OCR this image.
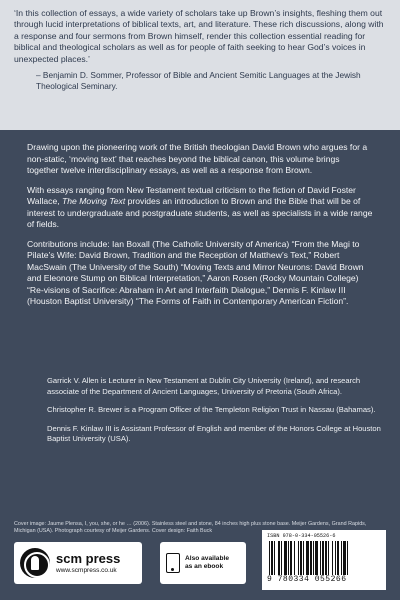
‘In this collection of essays, a wide variety of scholars take up Brown’s insights, fleshing them out through lucid interpretations of biblical texts, art, and literature. These rich discussions, along with a response and four sermons from Brown himself, render this collection essential reading for biblical and theological scholars as well as for people of faith seeking to hear God’s voices in unexpected places.’

– Benjamin D. Sommer, Professor of Bible and Ancient Semitic Languages at the Jewish Theological Seminary.

Drawing upon the pioneering work of the British theologian David Brown who argues for a non-static, ‘moving text’ that reaches beyond the biblical canon, this volume brings together twelve interdisciplinary essays, as well as a response from Brown.

With essays ranging from New Testament textual criticism to the fiction of David Foster Wallace, The Moving Text provides an introduction to Brown and the Bible that will be of interest to undergraduate and postgraduate students, as well as specialists in a wide range of fields.

Contributions include: Ian Boxall (The Catholic University of America) “From the Magi to Pilate’s Wife: David Brown, Tradition and the Reception of Matthew’s Text,” Robert MacSwain (The University of the South) “Moving Texts and Mirror Neurons: David Brown and Eleonore Stump on Biblical Interpretation,” Aaron Rosen (Rocky Mountain College) “Re-visions of Sacrifice: Abraham in Art and Interfaith Dialogue,” Dennis F. Kinlaw III (Houston Baptist University) “The Forms of Faith in Contemporary American Fiction”.

Garrick V. Allen is Lecturer in New Testament at Dublin City University (Ireland), and research associate of the Department of Ancient Languages, University of Pretoria (South Africa).

Christopher R. Brewer is a Program Officer of the Templeton Religion Trust in Nassau (Bahamas).

Dennis F. Kinlaw III is Assistant Professor of English and member of the Honors College at Houston Baptist University (USA).

Cover image: Jaume Plensa, I, you, she, or he … (2006). Stainless steel and stone, 84 inches high plus stone base. Meijer Gardens, Grand Rapids, Michigan (USA). Photograph courtesy of Meijer Gardens. Cover design: Faith Buck
scm press
www.scmpress.co.uk
Also available
as an ebook
ISBN 978-0-334-05526-6
9 780334 055266
